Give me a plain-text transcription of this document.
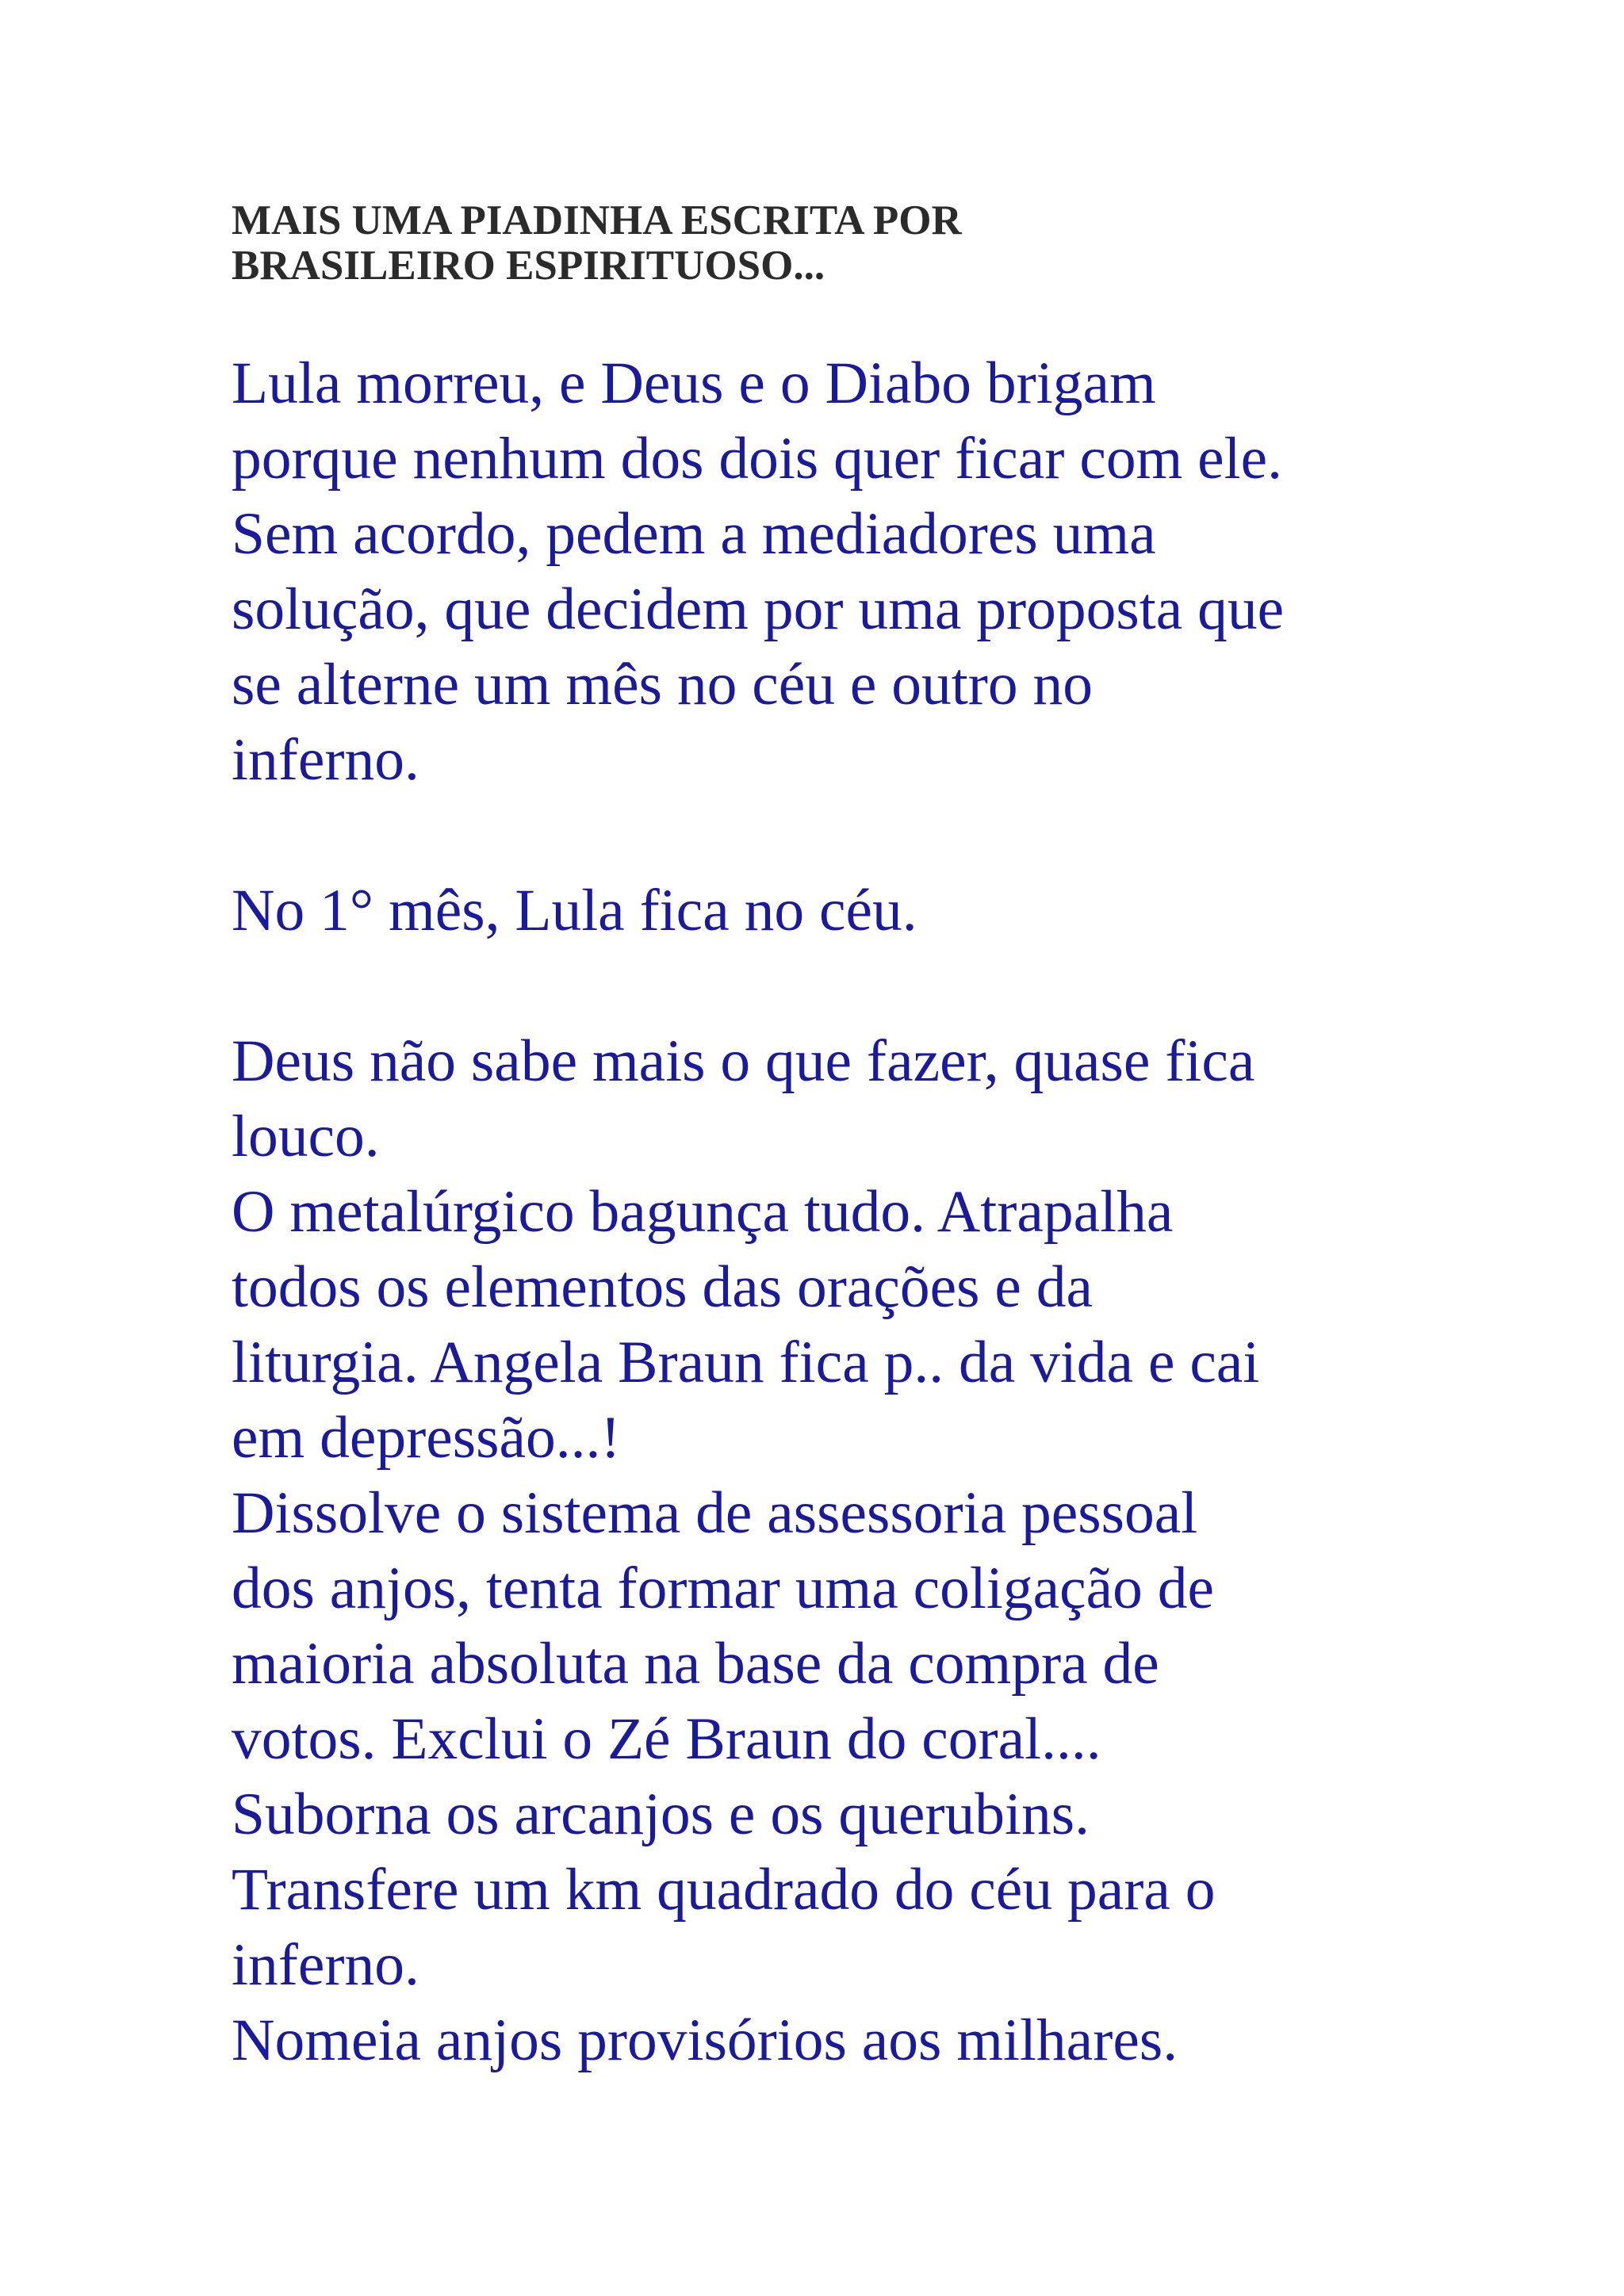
MAIS UMA PIADINHA ESCRITA POR
BRASILEIRO ESPIRITUOSO...
Lula morreu, e Deus e o Diabo brigam
porque nenhum dos dois quer ficar com ele.
Sem acordo, pedem a mediadores uma
solução, que decidem por uma proposta que
se alterne um mês no céu e outro no
inferno.
No 1° mês, Lula fica no céu.
Deus não sabe mais o que fazer, quase fica
louco.
O metalúrgico bagunça tudo. Atrapalha
todos os elementos das orações e da
liturgia. Angela Braun fica p.. da vida e cai
em depressão...!
Dissolve o sistema de assessoria pessoal
dos anjos, tenta formar uma coligação de
maioria absoluta na base da compra de
votos. Exclui o Zé Braun do coral....
Suborna os arcanjos e os querubins.
Transfere um km quadrado do céu para o
inferno.
Nomeia anjos provisórios aos milhares.
